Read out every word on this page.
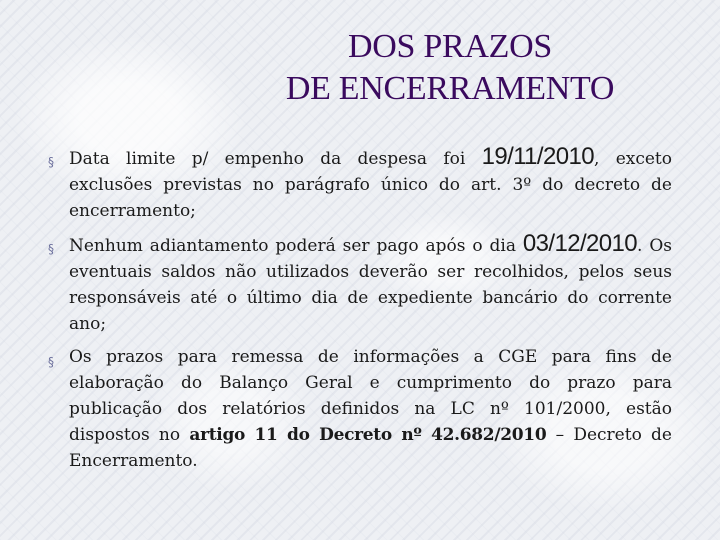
DOS PRAZOS
DE ENCERRAMENTO
§ Data limite p/ empenho da despesa foi 19/11/2010, exceto exclusões previstas no parágrafo único do art. 3º do decreto de encerramento;
§ Nenhum adiantamento poderá ser pago após o dia 03/12/2010. Os eventuais saldos não utilizados deverão ser recolhidos, pelos seus responsáveis até o último dia de expediente bancário do corrente ano;
§ Os prazos para remessa de informações a CGE para fins de elaboração do Balanço Geral e cumprimento do prazo para publicação dos relatórios definidos na LC nº 101/2000, estão dispostos no artigo 11 do Decreto nº 42.682/2010 – Decreto de Encerramento.
